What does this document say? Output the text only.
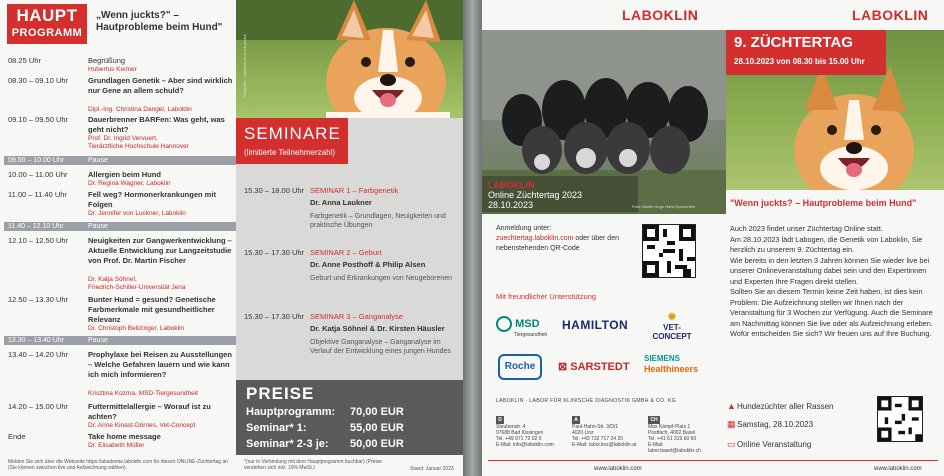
HAUPT
PROGRAMM
„Wenn juckts?" – Hautprobleme beim Hund"
fotografie - nikkymoore.stock.adobe
SEMINARE
(limitierte Teilnehmerzahl)
08.25 Uhr	Begrüßung
Hubertus Keimer
08.30 – 09.10 Uhr	Grundlagen Genetik – Aber sind wirklich nur Gene an allem schuld?
Dipl.-Ing. Christina Dangel, Laboklin
09.10 – 09.50 Uhr	Dauerbrenner BARFen: Was geht, was geht nicht?
Prof. Dr. Ingrid Vervuert,
Tierärztliche Hochschule Hannover
09.50 – 10.00 Uhr	Pause
10.00 – 11.00 Uhr	Allergien beim Hund
Dr. Regina Wagner, Laboklin
11.00 – 11.40 Uhr	Fell weg? Hormonerkrankungen mit Folgen
Dr. Jennifer von Luckner, Laboklin
11.40 – 12.10 Uhr	Pause
12.10 – 12.50 Uhr	Neuigkeiten zur Gangwerkentwicklung – Aktuelle Entwicklung zur Langzeitstudie von Prof. Dr. Martin Fischer
Dr. Katja Söhnel,
Friedrich-Schiller-Universität Jena
12.50 – 13.30 Uhr	Bunter Hund = gesund? Genetische Farbmerkmale mit gesundheitlicher Relevanz
Dr. Christoph Beitzinger, Laboklin
13.30 – 13.40 Uhr	Pause
13.40 – 14.20 Uhr	Prophylaxe bei Reisen zu Ausstellungen – Welche Gefahren lauern und wie kann ich mich informieren?
Krisztina Kozma, MSD-Tiergesundheit
14.20 – 15.00 Uhr	Futtermittelallergie – Worauf ist zu achten?
Dr. Anne Kinast-Dörries, Vet-Concept
Ende	Take home message
Dr. Elisabeth Müller
15.30 – 18.00 Uhr SEMINAR 1 – Farbgenetik
Dr. Anna Laukner
Farbgenetik – Grundlagen, Neuigkeiten und praktische Übungen
15.30 – 17.30 Uhr SEMINAR 2 – Geburt
Dr. Anne Posthoff & Philip Alsen
Geburt und Erkrankungen von Neugeborenen
15.30 – 17.30 Uhr SEMINAR 3 – Ganganalyse
Dr. Katja Söhnel & Dr. Kirsten Häusler
Objektive Ganganalyse – Ganganalyse im Verlauf der Entwicklung eines jungen Hundes
PREISE
Hauptprogramm: 70,00 EUR
Seminar* 1:	55,00 EUR
Seminar* 2-3 je: 50,00 EUR
Melden Sie sich über die Webseite https://akademie.laboklin.com für diesen ONLINE-Züchtertag an (Sie können zwischen live und Aufzeichnung wählen).
*(nur in Verbindung mit dem Hauptprogramm buchbar) (Preise verstehen sich inkl. 19% MwSt.)	Stand: Januar 2023
LABOKLIN	LABOKLIN
LABOKLIN
Online Züchtertag 2023
28.10.2023	Foto: Martin Hugo Hahn Sponerlein
9. ZÜCHTERTAG
28.10.2023 von 08.30 bis 15.00 Uhr
"Wenn juckts? – Hautprobleme beim Hund"
Anmeldung unter:
zuechtertag.laboklin.com oder über den nebenstehenden QR-Code
Mit freundlicher Unterstützung
MSD
Tiergesundheit
HAMILTON
❋
VET-CONCEPT
Roche	⊠ SARSTEDT
SIEMENS
Healthineers
Auch 2023 findet unser Züchtertag Online statt.
Am 28.10.2023 lädt Labogen, die Genetik von Laboklin, Sie herzlich zu unserem 9. Züchtertag ein.
Wie bereits in den letzten 3 Jahren können Sie wieder live bei unserer Onlineveranstaltung dabei sein und den Expertinnen und Experten Ihre Fragen direkt stellen.
Sollten Sie an diesem Termin keine Zeit haben, ist dies kein Problem: Die Aufzeichnung stellen wir Ihnen nach der Veranstaltung für 3 Wochen zur Verfügung. Auch die Seminare am Nachmittag können Sie live oder als Aufzeichnung erleben. Wofür entscheiden Sie sich? Wir freuen uns auf Ihre Buchung.
LABOKLIN · LABOR FÜR KLINISCHE DIAGNOSTIK GMBH & CO. KG
D
Steubenstr. 4
97688 Bad Kissingen
Tel. +49 971 72 02 0
E-Mail: info@laboklin.com
A
Paul-Hahn-Str. 3/D/1
4020 Linz
Tel. +43 732 717 24 20
E-Mail: labor.linz@laboklin.at
CH
Max Kämpf-Platz 1
Postfach, 4002 Basel
Tel. +41 61 319 60 60
E-Mail: labor.basel@laboklin.ch
▲ Hundezüchter aller Rassen
▦ Samstag, 28.10.2023
▭ Online Veranstaltung
www.laboklin.com	www.laboklin.com
